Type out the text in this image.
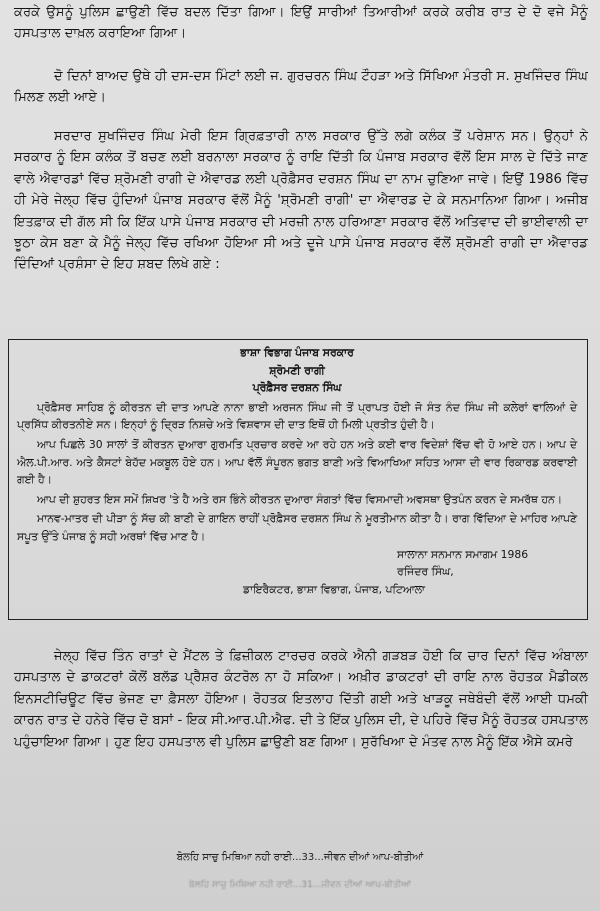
ਕਰਕੇ ਉਸਨੂੰ ਪੁਲਿਸ ਛਾਉਣੀ ਵਿੱਚ ਬਦਲ ਦਿੱਤਾ ਗਿਆ। ਇਉਂ ਸਾਰੀਆਂ ਤਿਆਰੀਆਂ ਕਰਕੇ ਕਰੀਬ ਰਾਤ ਦੇ ਦੋ ਵਜੇ ਮੈਨੂੰ ਹਸਪਤਾਲ ਦਾਖ਼ਲ ਕਰਾਇਆ ਗਿਆ।

ਦੋ ਦਿਨਾਂ ਬਾਅਦ ਉਥੇ ਹੀ ਦਸ-ਦਸ ਮਿੰਟਾਂ ਲਈ ਜ. ਗੁਰਚਰਨ ਸਿੰਘ ਟੌਹੜਾ ਅਤੇ ਸਿੱਖਿਆ ਮੰਤਰੀ ਸ. ਸੁਖਜਿੰਦਰ ਸਿੰਘ ਮਿਲਣ ਲਈ ਆਏ।

ਸਰਦਾਰ ਸੁਖਜਿੰਦਰ ਸਿੰਘ ਮੇਰੀ ਇਸ ਗ੍ਰਿਫ਼ਤਾਰੀ ਨਾਲ ਸਰਕਾਰ ਉੱਤੇ ਲਗੇ ਕਲੰਕ ਤੋਂ ਪਰੇਸ਼ਾਨ ਸਨ। ਉਨ੍ਹਾਂ ਨੇ ਸਰਕਾਰ ਨੂੰ ਇਸ ਕਲੰਕ ਤੋਂ ਬਚਣ ਲਈ ਬਰਨਾਲਾ ਸਰਕਾਰ ਨੂੰ ਰਾਇ ਦਿੱਤੀ ਕਿ ਪੰਜਾਬ ਸਰਕਾਰ ਵੱਲੋਂ ਇਸ ਸਾਲ ਦੇ ਦਿੱਤੇ ਜਾਣ ਵਾਲੇ ਐਵਾਰਡਾਂ ਵਿੱਚ ਸ਼੍ਰੋਮਣੀ ਰਾਗੀ ਦੇ ਐਵਾਰਡ ਲਈ ਪ੍ਰੋਫ਼ੈਸਰ ਦਰਸ਼ਨ ਸਿੰਘ ਦਾ ਨਾਮ ਚੁਣਿਆ ਜਾਵੇ। ਇਉਂ 1986 ਵਿੱਚ ਹੀ ਮੇਰੇ ਜੇਲ੍ਹ ਵਿੱਚ ਹੁੰਦਿਆਂ ਪੰਜਾਬ ਸਰਕਾਰ ਵੱਲੋਂ ਮੈਨੂੰ 'ਸ਼੍ਰੋਮਣੀ ਰਾਗੀ' ਦਾ ਐਵਾਰਡ ਦੇ ਕੇ ਸਨਮਾਨਿਆ ਗਿਆ। ਅਜੀਬ ਇਤਫ਼ਾਕ ਦੀ ਗੱਲ ਸੀ ਕਿ ਇੱਕ ਪਾਸੇ ਪੰਜਾਬ ਸਰਕਾਰ ਦੀ ਮਰਜ਼ੀ ਨਾਲ ਹਰਿਆਣਾ ਸਰਕਾਰ ਵੱਲੋਂ ਅਤਿਵਾਦ ਦੀ ਭਾਈਵਾਲੀ ਦਾ ਝੂਠਾ ਕੇਸ ਬਣਾ ਕੇ ਮੈਨੂੰ ਜੇਲ੍ਹ ਵਿੱਚ ਰਖਿਆ ਹੋਇਆ ਸੀ ਅਤੇ ਦੂਜੇ ਪਾਸੇ ਪੰਜਾਬ ਸਰਕਾਰ ਵੱਲੋਂ ਸ਼੍ਰੋਮਣੀ ਰਾਗੀ ਦਾ ਐਵਾਰਡ ਦਿੰਦਿਆਂ ਪ੍ਰਸ਼ੰਸਾ ਦੇ ਇਹ ਸ਼ਬਦ ਲਿਖੇ ਗਏ :

ਭਾਸ਼ਾ ਵਿਭਾਗ ਪੰਜਾਬ ਸਰਕਾਰ

ਸ਼੍ਰੋਮਣੀ ਰਾਗੀ

ਪ੍ਰੋਫ਼ੈਸਰ ਦਰਸ਼ਨ ਸਿੰਘ

ਪ੍ਰੋਫ਼ੈਸਰ ਸਾਹਿਬ ਨੂੰ ਕੀਰਤਨ ਦੀ ਦਾਤ ਆਪਣੇ ਨਾਨਾ ਭਾਈ ਅਰਜਨ ਸਿੰਘ ਜੀ ਤੋਂ ਪ੍ਰਾਪਤ ਹੋਈ ਜੋ ਸੰਤ ਨੰਦ ਸਿੰਘ ਜੀ ਕਲੇਰਾਂ ਵਾਲਿਆਂ ਦੇ ਪ੍ਰਸਿੱਧ ਕੀਰਤਨੀਏ ਸਨ। ਇਨ੍ਹਾਂ ਨੂੰ ਦ੍ਰਿੜ ਨਿਸ਼ਚੇ ਅਤੇ ਵਿਸ਼ਵਾਸ ਦੀ ਦਾਤ ਇਥੋਂ ਹੀ ਮਿਲੀ ਪ੍ਰਤੀਤ ਹੁੰਦੀ ਹੈ।

ਆਪ ਪਿਛਲੇ 30 ਸਾਲਾਂ ਤੋਂ ਕੀਰਤਨ ਦੁਆਰਾ ਗੁਰਮਤਿ ਪ੍ਰਚਾਰ ਕਰਦੇ ਆ ਰਹੇ ਹਨ ਅਤੇ ਕਈ ਵਾਰ ਵਿਦੇਸ਼ਾਂ ਵਿੱਚ ਵੀ ਹੋ ਆਏ ਹਨ। ਆਪ ਦੇ ਐਲ.ਪੀ.ਆਰ. ਅਤੇ ਕੈਸਟਾਂ ਬੇਹੱਦ ਮਕਬੂਲ ਹੋਏ ਹਨ। ਆਪ ਵੱਲੋਂ ਸੰਪੂਰਨ ਭਗਤ ਬਾਣੀ ਅਤੇ ਵਿਆਖਿਆ ਸਹਿਤ ਆਸਾ ਦੀ ਵਾਰ ਰਿਕਾਰਡ ਕਰਵਾਈ ਗਈ ਹੈ।

ਆਪ ਦੀ ਸ਼ੁਹਰਤ ਇਸ ਸਮੇਂ ਸ਼ਿਖਰ 'ਤੇ ਹੈ ਅਤੇ ਰਸ ਭਿੰਨੇ ਕੀਰਤਨ ਦੁਆਰਾ ਸੰਗਤਾਂ ਵਿੱਚ ਵਿਸਮਾਦੀ ਅਵਸਥਾ ਉਤਪੰਨ ਕਰਨ ਦੇ ਸਮਰੱਥ ਹਨ।

ਮਾਨਵ-ਮਾਤਰ ਦੀ ਪੀੜਾ ਨੂੰ ਸੱਚ ਕੀ ਬਾਣੀ ਦੇ ਗਾਇਨ ਰਾਹੀਂ ਪ੍ਰੋਫ਼ੈਸਰ ਦਰਸ਼ਨ ਸਿੰਘ ਨੇ ਮੂਰਤੀਮਾਨ ਕੀਤਾ ਹੈ। ਰਾਗ ਵਿੱਦਿਆ ਦੇ ਮਾਹਿਰ ਆਪਣੇ ਸਪੂਤ ਉੱਤੇ ਪੰਜਾਬ ਨੂੰ ਸਹੀ ਅਰਥਾਂ ਵਿੱਚ ਮਾਣ ਹੈ।

ਸਾਲਾਨਾ ਸਨਮਾਨ ਸਮਾਗਮ 1986

ਰਜਿੰਦਰ ਸਿੰਘ,

ਡਾਇਰੈਕਟਰ, ਭਾਸ਼ਾ ਵਿਭਾਗ, ਪੰਜਾਬ, ਪਟਿਆਲਾ

ਜੇਲ੍ਹ ਵਿੱਚ ਤਿੰਨ ਰਾਤਾਂ ਦੇ ਮੈਂਟਲ ਤੇ ਫ਼ਿਜ਼ੀਕਲ ਟਾਰਚਰ ਕਰਕੇ ਐਨੀ ਗੜਬੜ ਹੋਈ ਕਿ ਚਾਰ ਦਿਨਾਂ ਵਿੱਚ ਅੰਬਾਲਾ ਹਸਪਤਾਲ ਦੇ ਡਾਕਟਰਾਂ ਕੋਲੋਂ ਬਲੱਡ ਪ੍ਰੈਸ਼ਰ ਕੰਟਰੋਲ ਨਾ ਹੋ ਸਕਿਆ। ਅਖ਼ੀਰ ਡਾਕਟਰਾਂ ਦੀ ਰਾਇ ਨਾਲ ਰੋਹਤਕ ਮੈਡੀਕਲ ਇਨਸਟੀਚਿਊਟ ਵਿੱਚ ਭੇਜਣ ਦਾ ਫ਼ੈਸਲਾ ਹੋਇਆ। ਰੋਹਤਕ ਇਤਲਾਹ ਦਿੱਤੀ ਗਈ ਅਤੇ ਖਾੜਕੂ ਜਥੇਬੰਦੀ ਵੱਲੋਂ ਆਈ ਧਮਕੀ ਕਾਰਨ ਰਾਤ ਦੇ ਹਨੇਰੇ ਵਿੱਚ ਦੋ ਬਸਾਂ - ਇਕ ਸੀ.ਆਰ.ਪੀ.ਐਫ. ਦੀ ਤੇ ਇੱਕ ਪੁਲਿਸ ਦੀ, ਦੇ ਪਹਿਰੇ ਵਿੱਚ ਮੈਨੂੰ ਰੋਹਤਕ ਹਸਪਤਾਲ ਪਹੁੰਚਾਇਆ ਗਿਆ। ਹੁਣ ਇਹ ਹਸਪਤਾਲ ਵੀ ਪੁਲਿਸ ਛਾਉਣੀ ਬਣ ਗਿਆ। ਸੁਰੱਖਿਆ ਦੇ ਮੰਤਵ ਨਾਲ ਮੈਨੂੰ ਇੱਕ ਐਸੇ ਕਮਰੇ

ਬੋਲਹਿ ਸਾਚੁ ਮਿਥਿਆ ਨਹੀ ਰਾਈ...33...ਜੀਵਨ ਦੀਆਂ ਆਪ-ਬੀਤੀਆਂ
ਬੋਲਹਿ ਸਾਚੁ ਮਿਥਿਆ ਨਹੀ ਰਾਈ...31...ਜੀਵਨ ਦੀਆਂ ਆਪ-ਬੀਤੀਆਂ
